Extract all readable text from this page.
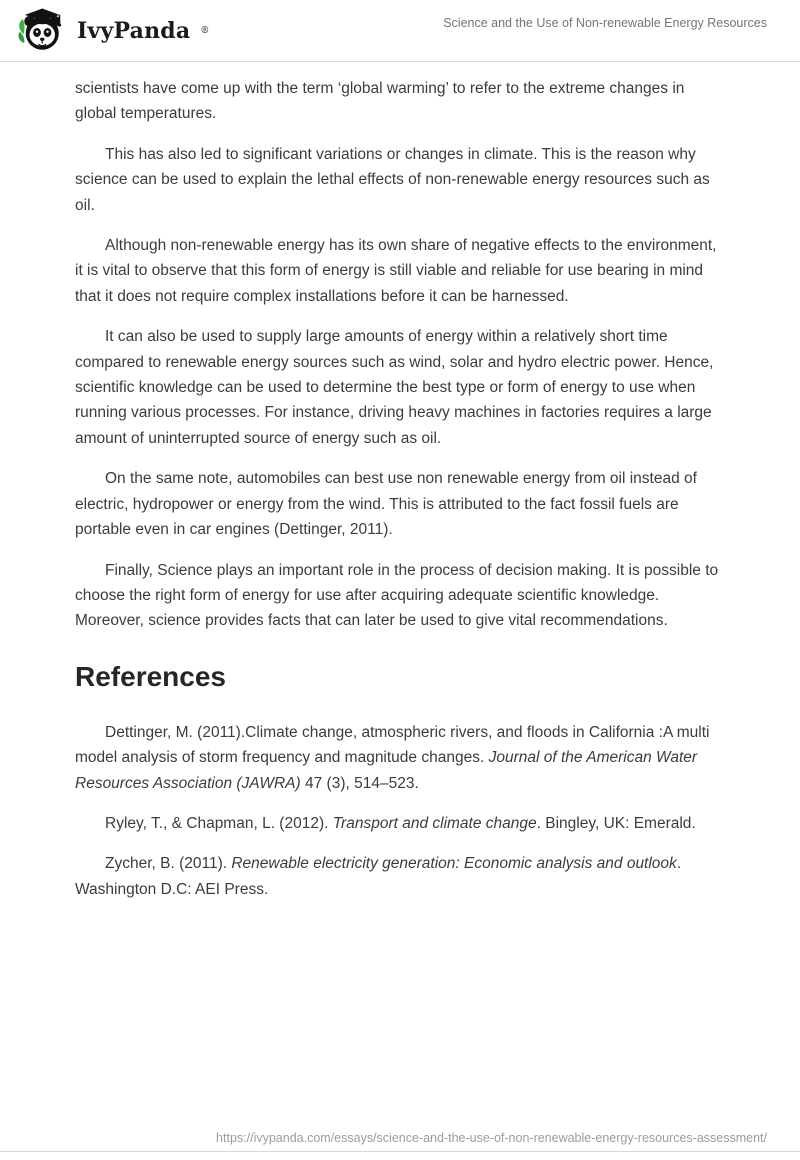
IvyPanda ®
Science and the Use of Non-renewable Energy Resources

scientists have come up with the term ‘global warming’ to refer to the extreme changes in global temperatures.

This has also led to significant variations or changes in climate. This is the reason why science can be used to explain the lethal effects of non-renewable energy resources such as oil.

Although non-renewable energy has its own share of negative effects to the environment, it is vital to observe that this form of energy is still viable and reliable for use bearing in mind that it does not require complex installations before it can be harnessed.

It can also be used to supply large amounts of energy within a relatively short time compared to renewable energy sources such as wind, solar and hydro electric power. Hence, scientific knowledge can be used to determine the best type or form of energy to use when running various processes. For instance, driving heavy machines in factories requires a large amount of uninterrupted source of energy such as oil.

On the same note, automobiles can best use non renewable energy from oil instead of electric, hydropower or energy from the wind. This is attributed to the fact fossil fuels are portable even in car engines (Dettinger, 2011).

Finally, Science plays an important role in the process of decision making. It is possible to choose the right form of energy for use after acquiring adequate scientific knowledge. Moreover, science provides facts that can later be used to give vital recommendations.

References

Dettinger, M. (2011).Climate change, atmospheric rivers, and floods in California :A multi model analysis of storm frequency and magnitude changes. Journal of the American Water Resources Association (JAWRA) 47 (3), 514–523.

Ryley, T., & Chapman, L. (2012). Transport and climate change. Bingley, UK: Emerald.

Zycher, B. (2011). Renewable electricity generation: Economic analysis and outlook. Washington D.C: AEI Press.

https://ivypanda.com/essays/science-and-the-use-of-non-renewable-energy-resources-assessment/
